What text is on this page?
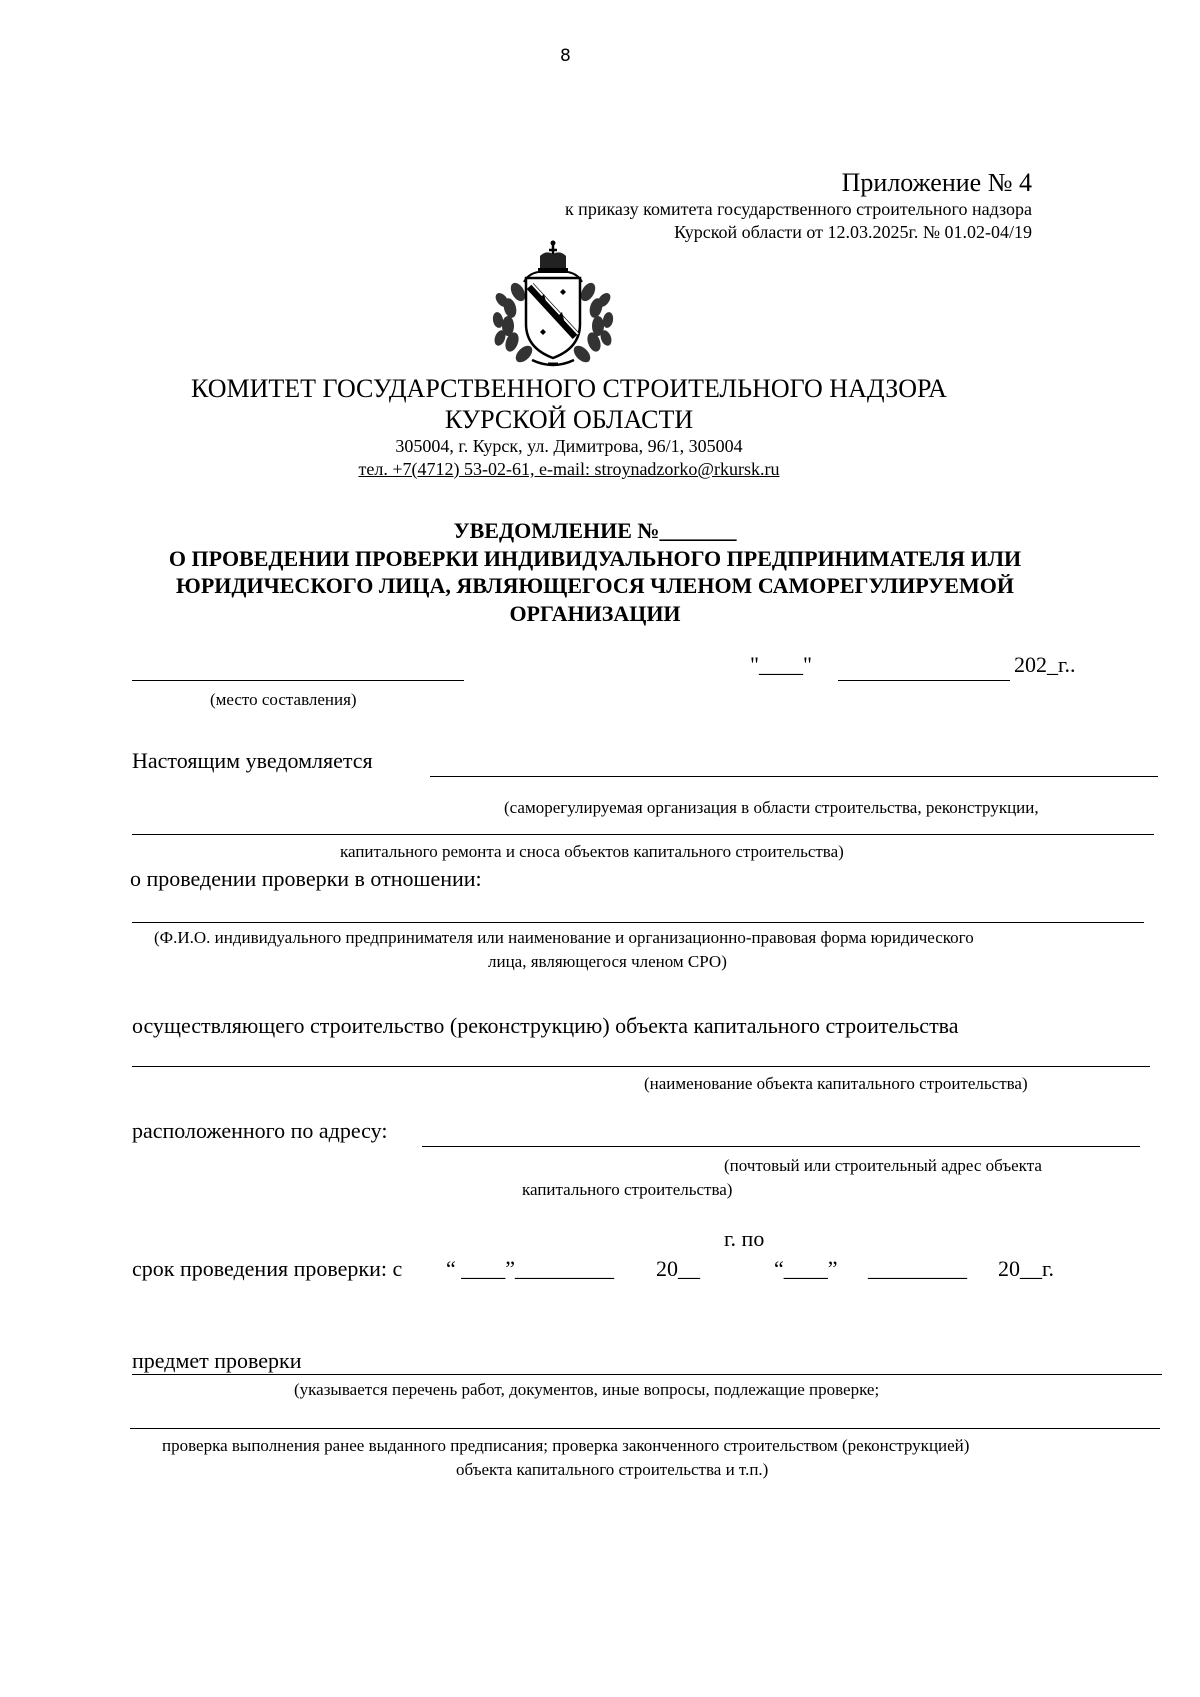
8
Приложение № 4
к приказу комитета государственного строительного надзора
Курской области от 12.03.2025г. № 01.02-04/19
КОМИТЕТ ГОСУДАРСТВЕННОГО СТРОИТЕЛЬНОГО НАДЗОРА
КУРСКОЙ ОБЛАСТИ
305004, г. Курск, ул. Димитрова, 96/1, 305004
тел. +7(4712) 53-02-61, e-mail: stroynadzorko@rkursk.ru
УВЕДОМЛЕНИЕ №_______
О ПРОВЕДЕНИИ ПРОВЕРКИ ИНДИВИДУАЛЬНОГО ПРЕДПРИНИМАТЕЛЯ ИЛИ
ЮРИДИЧЕСКОГО ЛИЦА, ЯВЛЯЮЩЕГОСЯ ЧЛЕНОМ САМОРЕГУЛИРУЕМОЙ
ОРГАНИЗАЦИИ
(место составления)
"____"	202_г..
Настоящим уведомляется
(саморегулируемая организация в области строительства, реконструкции,
капитального ремонта и сноса объектов капитального строительства)
о проведении проверки в отношении:
(Ф.И.О. индивидуального предпринимателя или наименование и организационно-правовая форма юридического
лица, являющегося членом СРО)
осуществляющего строительство (реконструкцию) объекта капитального строительства
(наименование объекта капитального строительства)
расположенного по адресу:
(почтовый или строительный адрес объекта
капитального строительства)
г. по
срок проведения проверки: с “ ____”_________ 20__	“____” _________ 20__г.
предмет проверки
(указывается перечень работ, документов, иные вопросы, подлежащие проверке;
проверка выполнения ранее выданного предписания; проверка законченного строительством (реконструкцией)
объекта капитального строительства и т.п.)
